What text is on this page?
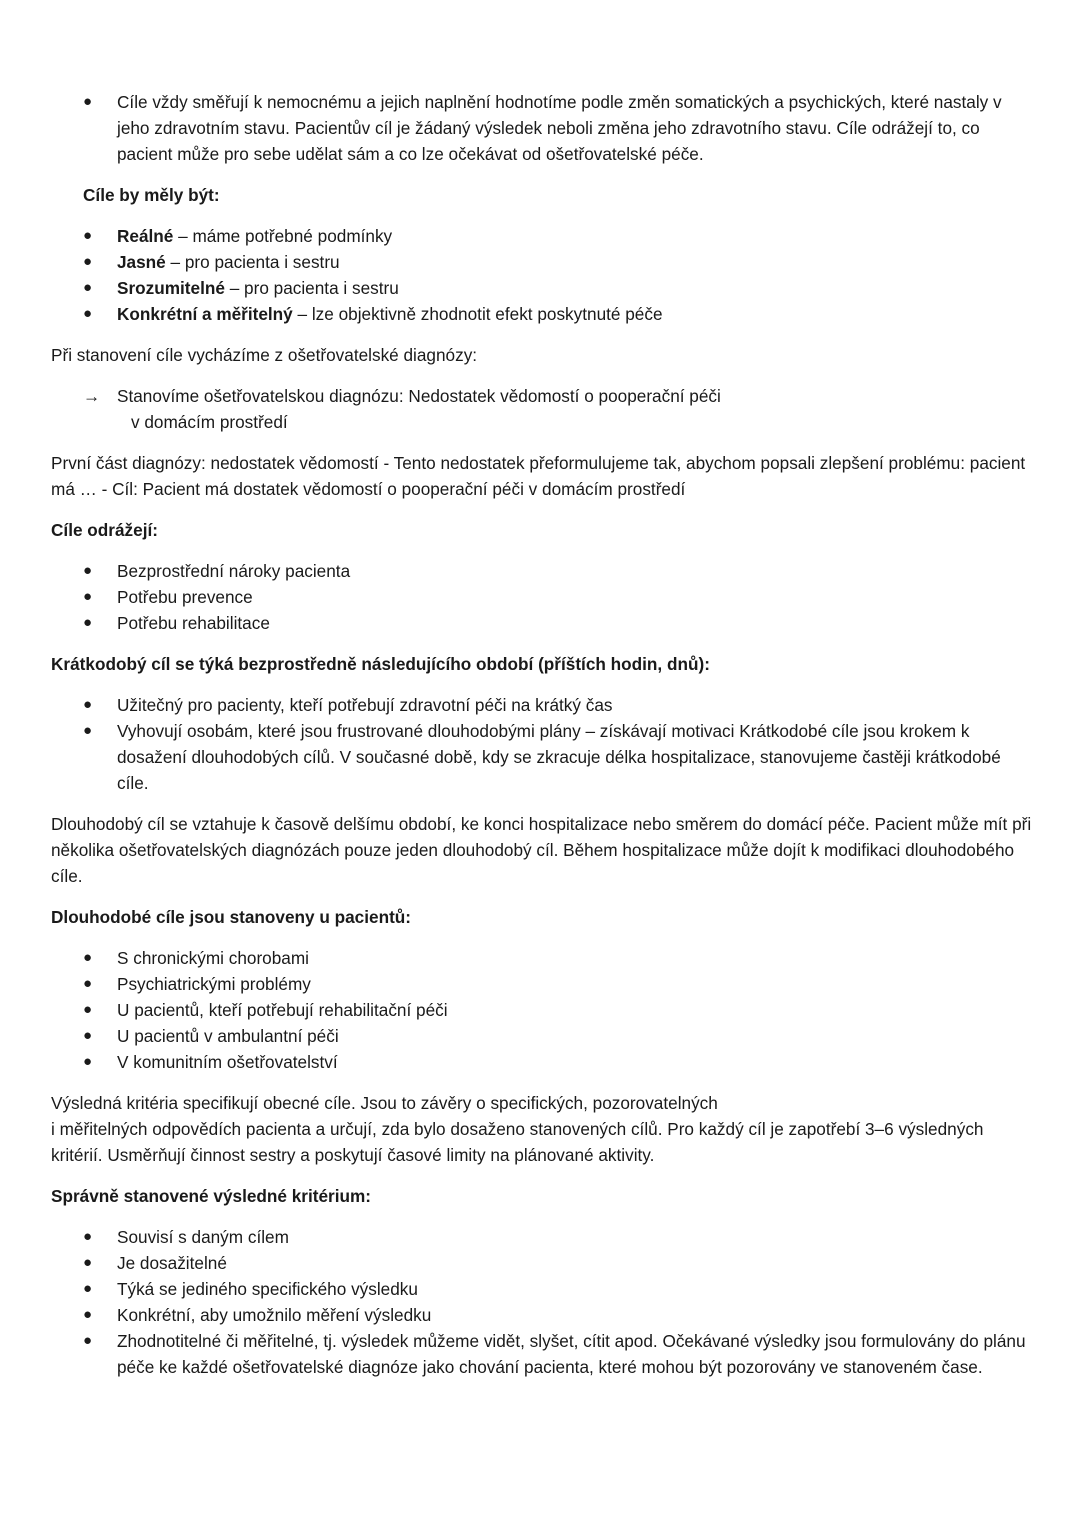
● Cíle vždy směřují k nemocnému a jejich naplnění hodnotíme podle změn somatických a psychických, které nastaly v jeho zdravotním stavu. Pacientův cíl je žádaný výsledek neboli změna jeho zdravotního stavu. Cíle odrážejí to, co pacient může pro sebe udělat sám a co lze očekávat od ošetřovatelské péče.

Cíle by měly být:

● Reálné – máme potřebné podmínky
● Jasné – pro pacienta i sestru
● Srozumitelné – pro pacienta i sestru
● Konkrétní a měřitelný – lze objektivně zhodnotit efekt poskytnuté péče

Při stanovení cíle vycházíme z ošetřovatelské diagnózy:

→ Stanovíme ošetřovatelskou diagnózu: Nedostatek vědomostí o pooperační péči
v domácím prostředí

První část diagnózy: nedostatek vědomostí - Tento nedostatek přeformulujeme tak, abychom popsali zlepšení problému: pacient má … - Cíl: Pacient má dostatek vědomostí o pooperační péči v domácím prostředí

Cíle odrážejí:

● Bezprostřední nároky pacienta
● Potřebu prevence
● Potřebu rehabilitace

Krátkodobý cíl se týká bezprostředně následujícího období (příštích hodin, dnů):

● Užitečný pro pacienty, kteří potřebují zdravotní péči na krátký čas
● Vyhovují osobám, které jsou frustrované dlouhodobými plány – získávají motivaci Krátkodobé cíle jsou krokem k dosažení dlouhodobých cílů. V současné době, kdy se zkracuje délka hospitalizace, stanovujeme častěji krátkodobé cíle.

Dlouhodobý cíl se vztahuje k časově delšímu období, ke konci hospitalizace nebo směrem do domácí péče. Pacient může mít při několika ošetřovatelských diagnózách pouze jeden dlouhodobý cíl. Během hospitalizace může dojít k modifikaci dlouhodobého cíle.

Dlouhodobé cíle jsou stanoveny u pacientů:

● S chronickými chorobami
● Psychiatrickými problémy
● U pacientů, kteří potřebují rehabilitační péči
● U pacientů v ambulantní péči
● V komunitním ošetřovatelství

Výsledná kritéria specifikují obecné cíle. Jsou to závěry o specifických, pozorovatelných
i měřitelných odpovědích pacienta a určují, zda bylo dosaženo stanovených cílů. Pro každý cíl je zapotřebí 3–6 výsledných kritérií. Usměrňují činnost sestry a poskytují časové limity na plánované aktivity.

Správně stanovené výsledné kritérium:

● Souvisí s daným cílem
● Je dosažitelné
● Týká se jediného specifického výsledku
● Konkrétní, aby umožnilo měření výsledku
● Zhodnotitelné či měřitelné, tj. výsledek můžeme vidět, slyšet, cítit apod. Očekávané výsledky jsou formulovány do plánu péče ke každé ošetřovatelské diagnóze jako chování pacienta, které mohou být pozorovány ve stanoveném čase.
